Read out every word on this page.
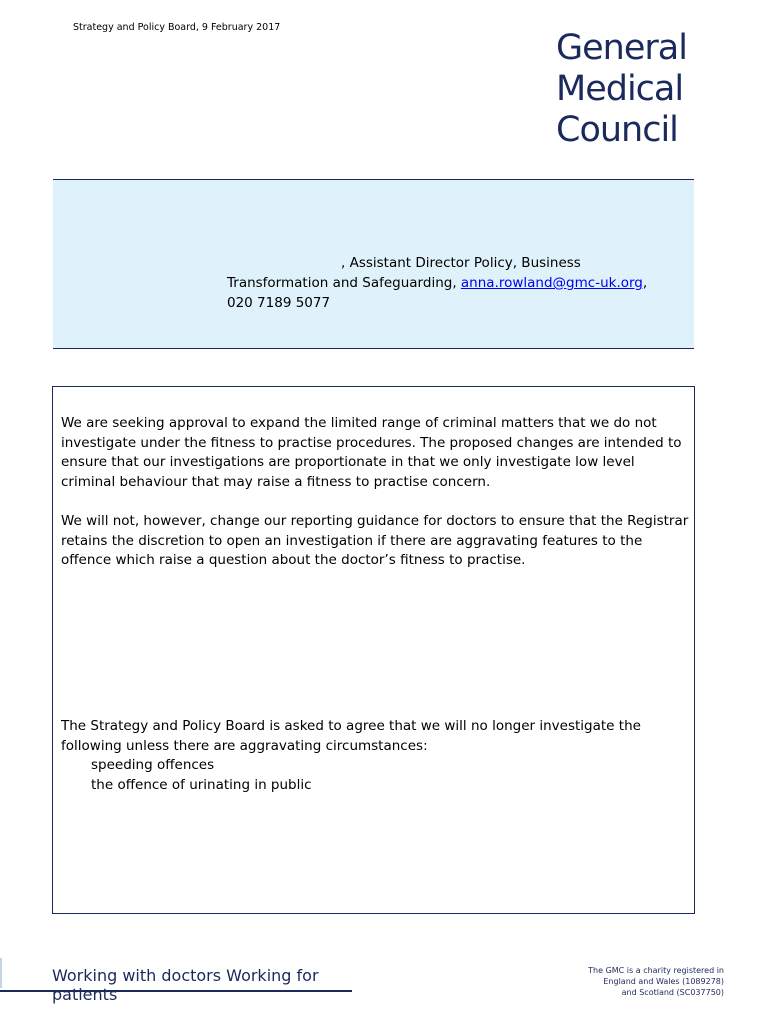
Strategy and Policy Board, 9 February 2017
General
Medical
Council
, Assistant Director Policy, Business
Transformation and Safeguarding, anna.rowland@gmc-uk.org,
020 7189 5077

We are seeking approval to expand the limited range of criminal matters that we do not investigate under the fitness to practise procedures. The proposed changes are intended to ensure that our investigations are proportionate in that we only investigate low level criminal behaviour that may raise a fitness to practise concern.

We will not, however, change our reporting guidance for doctors to ensure that the Registrar retains the discretion to open an investigation if there are aggravating features to the offence which raise a question about the doctor’s fitness to practise.

The Strategy and Policy Board is asked to agree that we will no longer investigate the following unless there are aggravating circumstances:

speeding offences
the offence of urinating in public
Working with doctors Working for patients
The GMC is a charity registered in
England and Wales (1089278)
and Scotland (SC037750)
